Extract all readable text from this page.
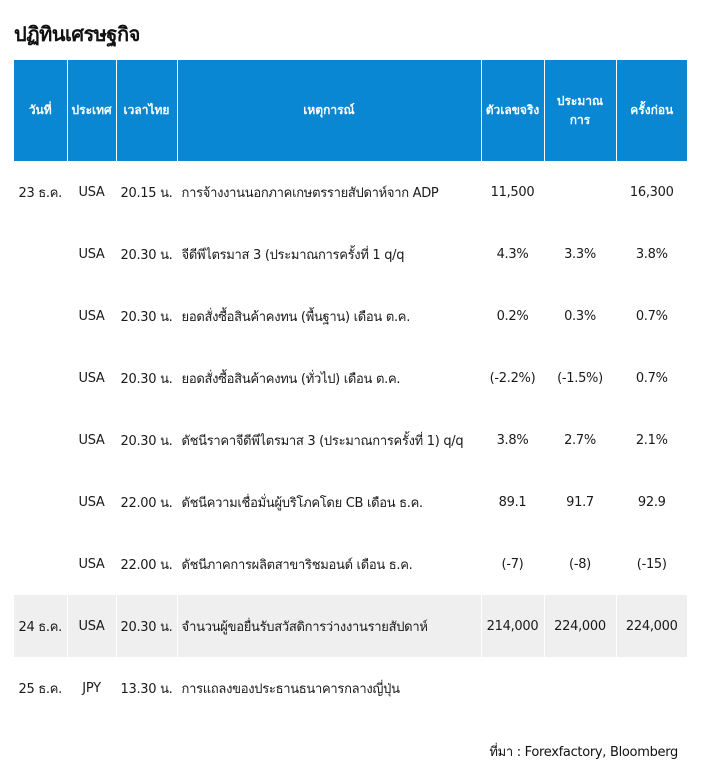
ปฏิทินเศรษฐกิจ
วันที่	ประเทศ	เวลาไทย	เหตุการณ์	ตัวเลขจริง	ประมาณการ	ครั้งก่อน
23 ธ.ค.	USA	20.15 น.	การจ้างงานนอกภาคเกษตรรายสัปดาห์จาก ADP	11,500		16,300
	USA	20.30 น.	จีดีพีไตรมาส 3 (ประมาณการครั้งที่ 1 q/q	4.3%	3.3%	3.8%
	USA	20.30 น.	ยอดสั่งซื้อสินค้าคงทน (พื้นฐาน) เดือน ต.ค.	0.2%	0.3%	0.7%
	USA	20.30 น.	ยอดสั่งซื้อสินค้าคงทน (ทั่วไป) เดือน ต.ค.	(-2.2%)	(-1.5%)	0.7%
	USA	20.30 น.	ดัชนีราคาจีดีพีไตรมาส 3 (ประมาณการครั้งที่ 1) q/q	3.8%	2.7%	2.1%
	USA	22.00 น.	ดัชนีความเชื่อมั่นผู้บริโภคโดย CB เดือน ธ.ค.	89.1	91.7	92.9
	USA	22.00 น.	ดัชนีภาคการผลิตสาขาริชมอนด์ เดือน ธ.ค.	(-7)	(-8)	(-15)
24 ธ.ค.	USA	20.30 น.	จำนวนผู้ขอยื่นรับสวัสดิการว่างงานรายสัปดาห์	214,000	224,000	224,000
25 ธ.ค.	JPY	13.30 น.	การแถลงของประธานธนาคารกลางญี่ปุ่น			
ที่มา : Forexfactory, Bloomberg
